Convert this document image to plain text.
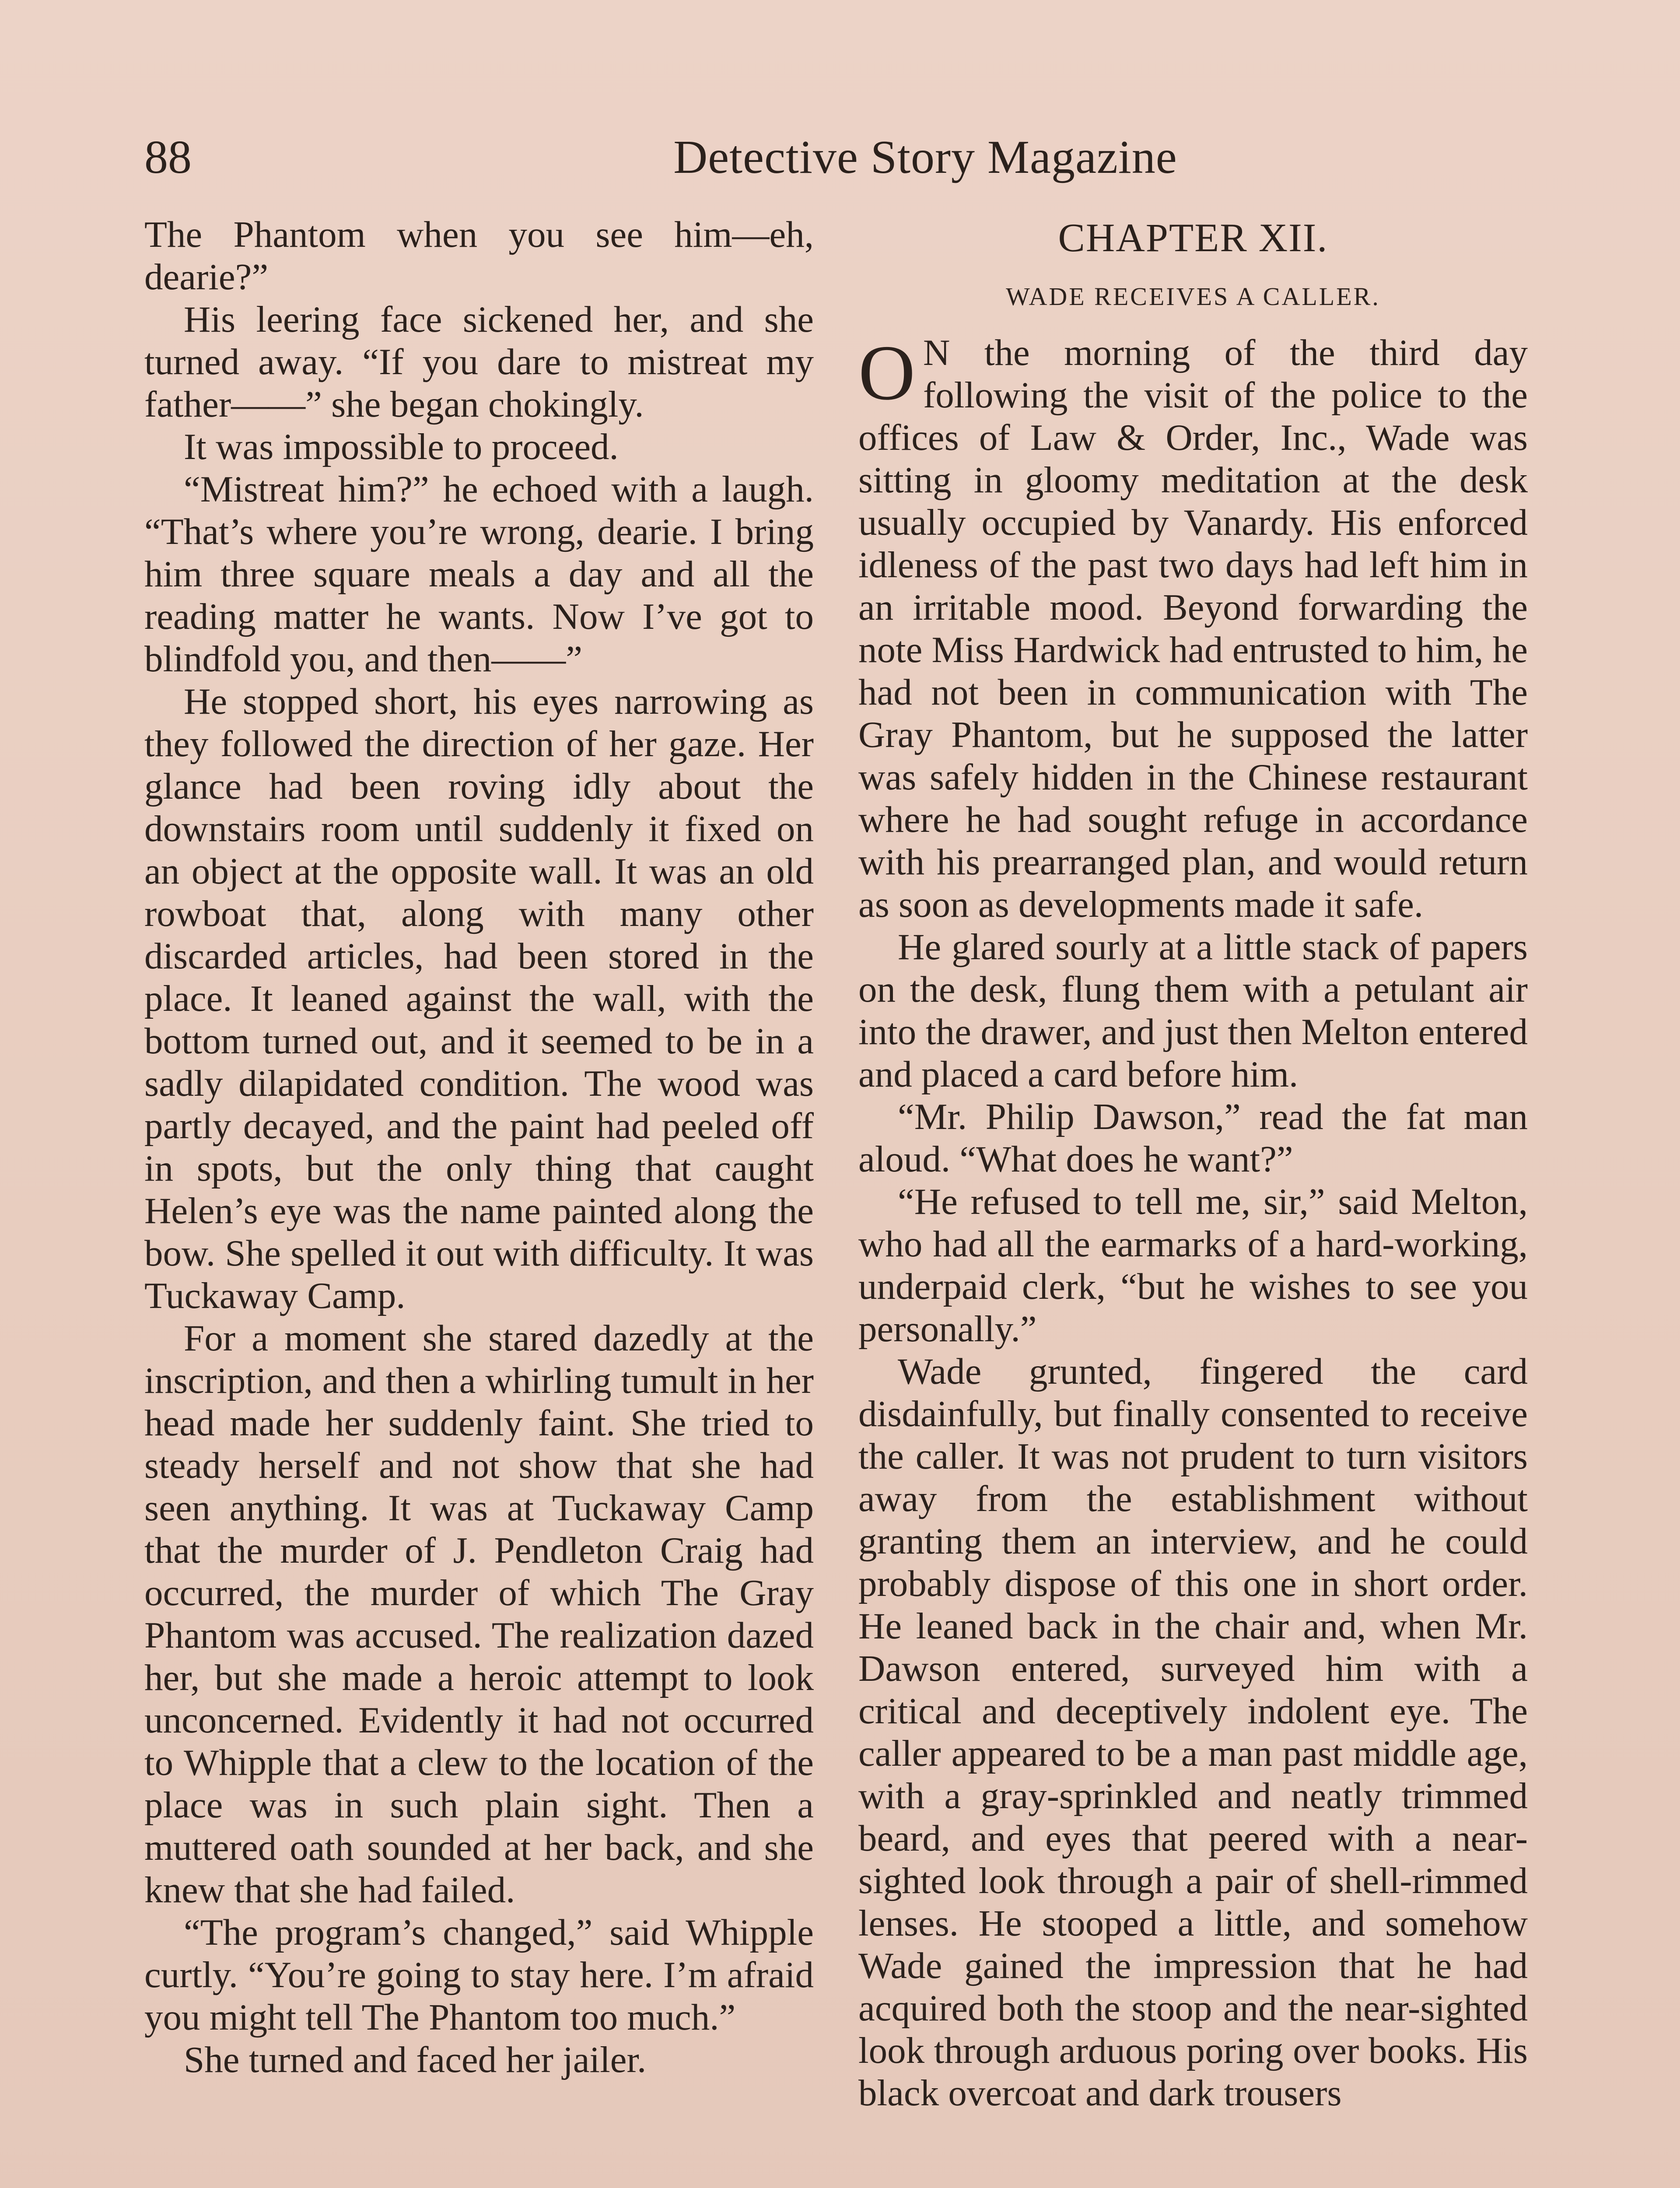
88	Detective Story Magazine

The Phantom when you see him—eh, dearie?”

His leering face sickened her, and she turned away. “If you dare to mistreat my father——” she began chokingly.

It was impossible to proceed.

“Mistreat him?” he echoed with a laugh. “That’s where you’re wrong, dearie. I bring him three square meals a day and all the reading matter he wants. Now I’ve got to blindfold you, and then——”

He stopped short, his eyes narrowing as they followed the direction of her gaze. Her glance had been roving idly about the downstairs room until suddenly it fixed on an object at the opposite wall. It was an old rowboat that, along with many other discarded articles, had been stored in the place. It leaned against the wall, with the bottom turned out, and it seemed to be in a sadly dilapidated condition. The wood was partly decayed, and the paint had peeled off in spots, but the only thing that caught Helen’s eye was the name painted along the bow. She spelled it out with difficulty. It was Tuckaway Camp.

For a moment she stared dazedly at the inscription, and then a whirling tumult in her head made her suddenly faint. She tried to steady herself and not show that she had seen anything. It was at Tuckaway Camp that the murder of J. Pendleton Craig had occurred, the murder of which The Gray Phantom was accused. The realization dazed her, but she made a heroic attempt to look unconcerned. Evidently it had not occurred to Whipple that a clew to the location of the place was in such plain sight. Then a muttered oath sounded at her back, and she knew that she had failed.

“The program’s changed,” said Whipple curtly. “You’re going to stay here. I’m afraid you might tell The Phantom too much.”

She turned and faced her jailer.

CHAPTER XII.
WADE RECEIVES A CALLER.

O N the morning of the third day following the visit of the police to the offices of Law & Order, Inc., Wade was sitting in gloomy meditation at the desk usually occupied by Vanardy. His enforced idleness of the past two days had left him in an irritable mood. Beyond forwarding the note Miss Hardwick had entrusted to him, he had not been in communication with The Gray Phantom, but he supposed the latter was safely hidden in the Chinese restaurant where he had sought refuge in accordance with his prearranged plan, and would return as soon as developments made it safe.

He glared sourly at a little stack of papers on the desk, flung them with a petulant air into the drawer, and just then Melton entered and placed a card before him.

“Mr. Philip Dawson,” read the fat man aloud. “What does he want?”

“He refused to tell me, sir,” said Melton, who had all the earmarks of a hard-working, underpaid clerk, “but he wishes to see you personally.”

Wade grunted, fingered the card disdainfully, but finally consented to receive the caller. It was not prudent to turn visitors away from the establishment without granting them an interview, and he could probably dispose of this one in short order. He leaned back in the chair and, when Mr. Dawson entered, surveyed him with a critical and deceptively indolent eye. The caller appeared to be a man past middle age, with a gray-sprinkled and neatly trimmed beard, and eyes that peered with a near-sighted look through a pair of shell-rimmed lenses. He stooped a little, and somehow Wade gained the impression that he had acquired both the stoop and the near-sighted look through arduous poring over books. His black overcoat and dark trousers
